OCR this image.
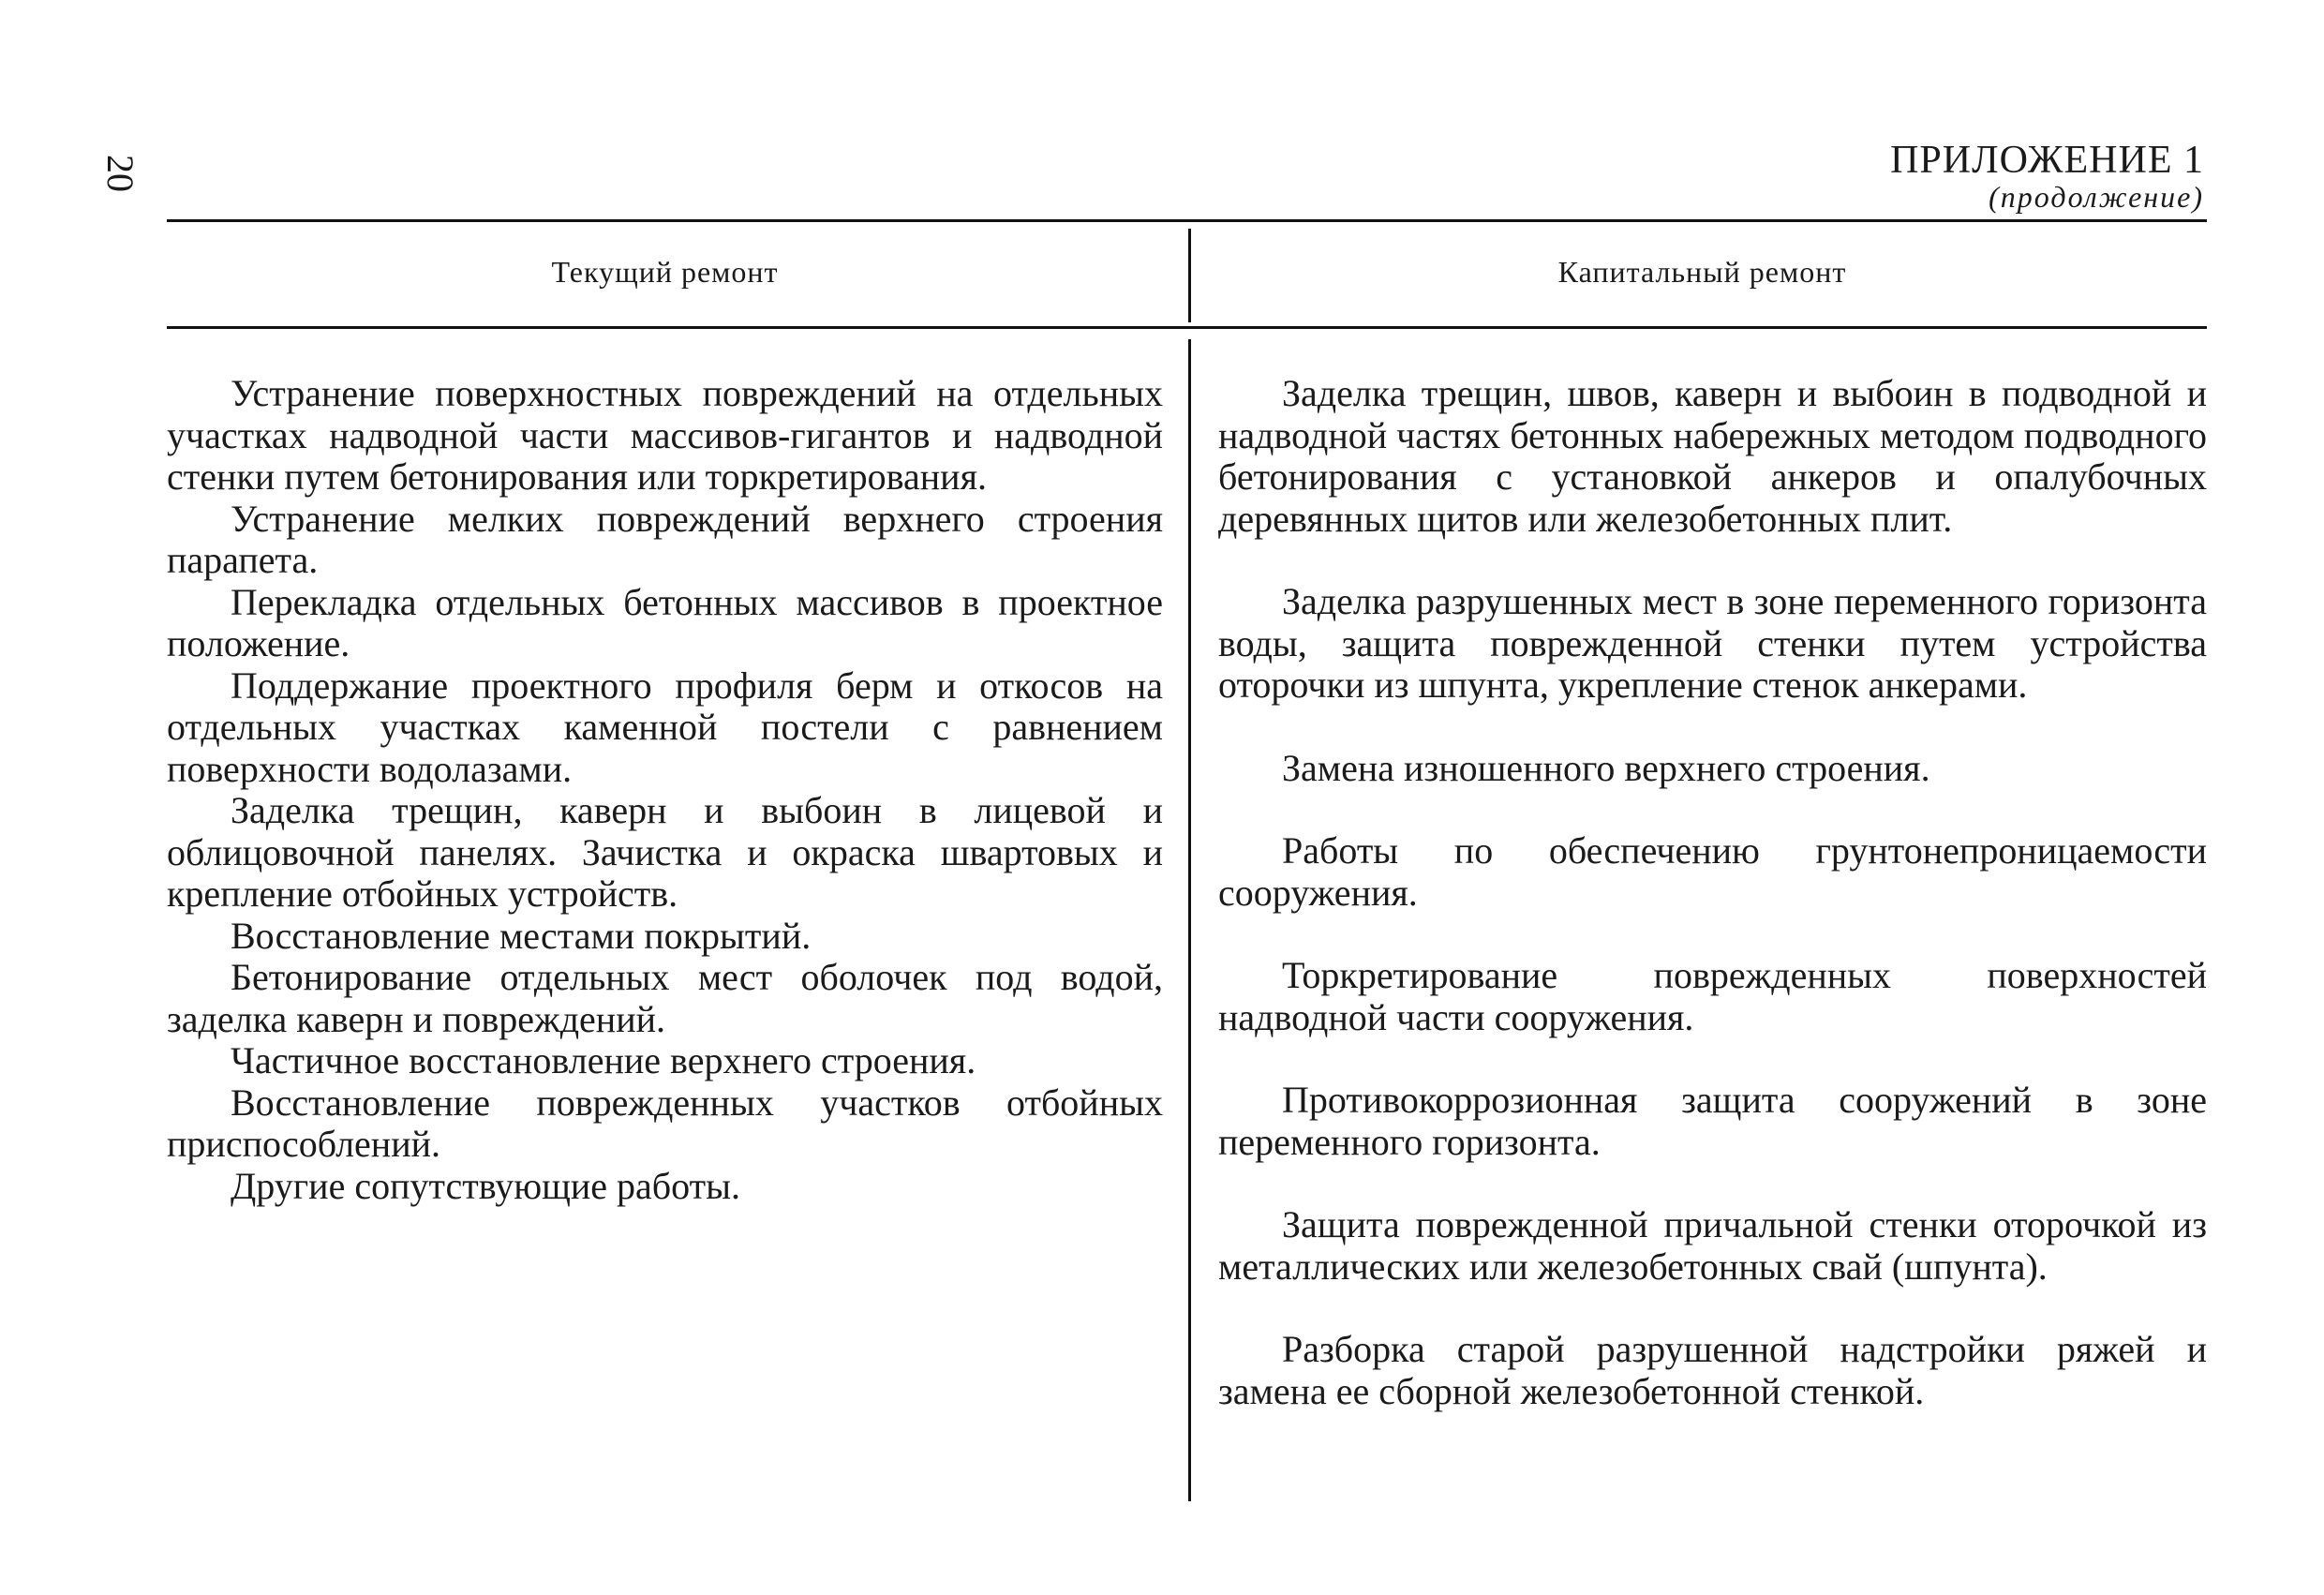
20	ПРИЛОЖЕНИЕ 1
(продолжение)
Текущий ремонт	Капитальный ремонт

Устранение поверхностных повреждений на отдельных участках надводной части массивов-гигантов и надводной стенки путем бетонирования или торкретирования.

Устранение мелких повреждений верхнего строения парапета.

Перекладка отдельных бетонных массивов в проектное положение.

Поддержание проектного профиля берм и откосов на отдельных участках каменной постели с равнением поверхности водолазами.

Заделка трещин, каверн и выбоин в лицевой и облицовочной панелях. Зачистка и окраска швартовых и крепление отбойных устройств.

Восстановление местами покрытий.

Бетонирование отдельных мест оболочек под водой, заделка каверн и повреждений.

Частичное восстановление верхнего строения.

Восстановление поврежденных участков отбойных приспособлений.

Другие сопутствующие работы.

Заделка трещин, швов, каверн и выбоин в подводной и надводной частях бетонных набережных методом подводного бетонирования с установкой анкеров и опалубочных деревянных щитов или железобетонных плит.

Заделка разрушенных мест в зоне переменного горизонта воды, защита поврежденной стенки путем устройства оторочки из шпунта, укрепление стенок анкерами.

Замена изношенного верхнего строения.

Работы по обеспечению грунтонепроницаемости сооружения.

Торкретирование поврежденных поверхностей надводной части сооружения.

Противокоррозионная защита сооружений в зоне переменного горизонта.

Защита поврежденной причальной стенки оторочкой из металлических или железобетонных свай (шпунта).

Разборка старой разрушенной надстройки ряжей и замена ее сборной железобетонной стенкой.
